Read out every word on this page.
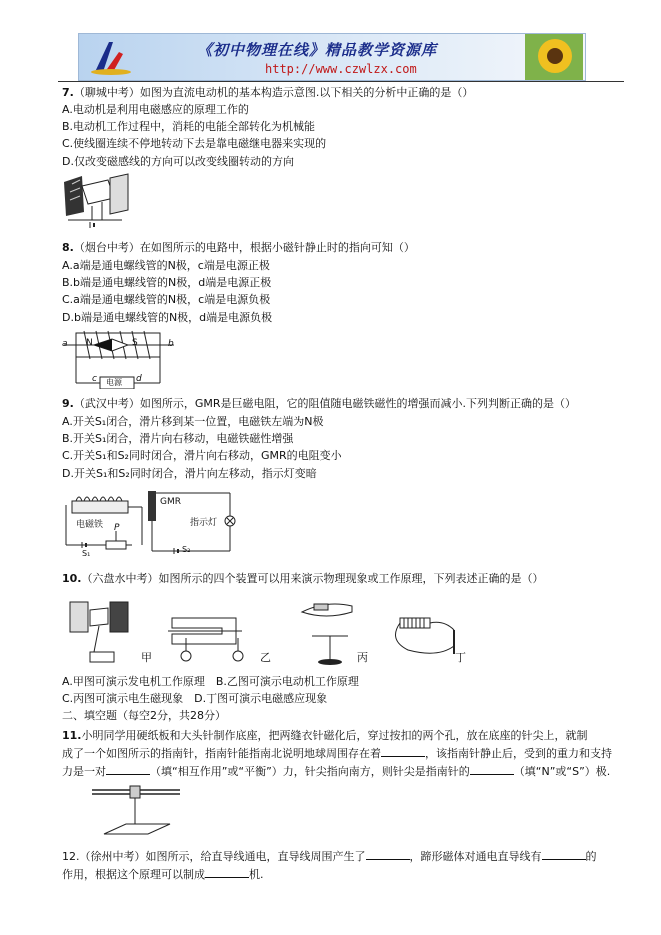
《初中物理在线》精品教学资源库
http://www.czwlzx.com
7.（聊城中考）如图为直流电动机的基本构造示意图.以下相关的分析中正确的是（）
A.电动机是利用电磁感应的原理工作的
B.电动机工作过程中，消耗的电能全部转化为机械能
C.使线圈连续不停地转动下去是靠电磁继电器来实现的
D.仅改变磁感线的方向可以改变线圈转动的方向
8.（烟台中考）在如图所示的电路中，根据小磁针静止时的指向可知（）
A.a端是通电螺线管的N极，c端是电源正极
B.b端是通电螺线管的N极，d端是电源正极
C.a端是通电螺线管的N极，c端是电源负极
D.b端是通电螺线管的N极，d端是电源负极
a	b
N	S
c	d
电源
9.（武汉中考）如图所示，GMR是巨磁电阻，它的阻值随电磁铁磁性的增强而减小.下列判断正确的是（）
A.开关S₁闭合，滑片移到某一位置，电磁铁左端为N极
B.开关S₁闭合，滑片向右移动，电磁铁磁性增强
C.开关S₁和S₂同时闭合，滑片向右移动，GMR的电阻变小
D.开关S₁和S₂同时闭合，滑片向左移动，指示灯变暗
电磁铁
GMR
指示灯
P
S₁	S₂
10.（六盘水中考）如图所示的四个装置可以用来演示物理现象或工作原理，下列表述正确的是（）
甲	乙	丙	丁
A.甲图可演示发电机工作原理　B.乙图可演示电动机工作原理
C.丙图可演示电生磁现象　D.丁图可演示电磁感应现象
二、填空题（每空2分，共28分）
11.小明同学用硬纸板和大头针制作底座，把两缝衣针磁化后，穿过按扣的两个孔，放在底座的针尖上，就制
成了一个如图所示的指南针，指南针能指南北说明地球周围存在着	，该指南针静止后，受到的重力和支持
力是一对	（填“相互作用”或“平衡”）力，针尖指向南方，则针尖是指南针的	（填“N”或“S”）极.
12.（徐州中考）如图所示，给直导线通电，直导线周围产生了	，蹄形磁体对通电直导线有	的
作用，根据这个原理可以制成	机.
